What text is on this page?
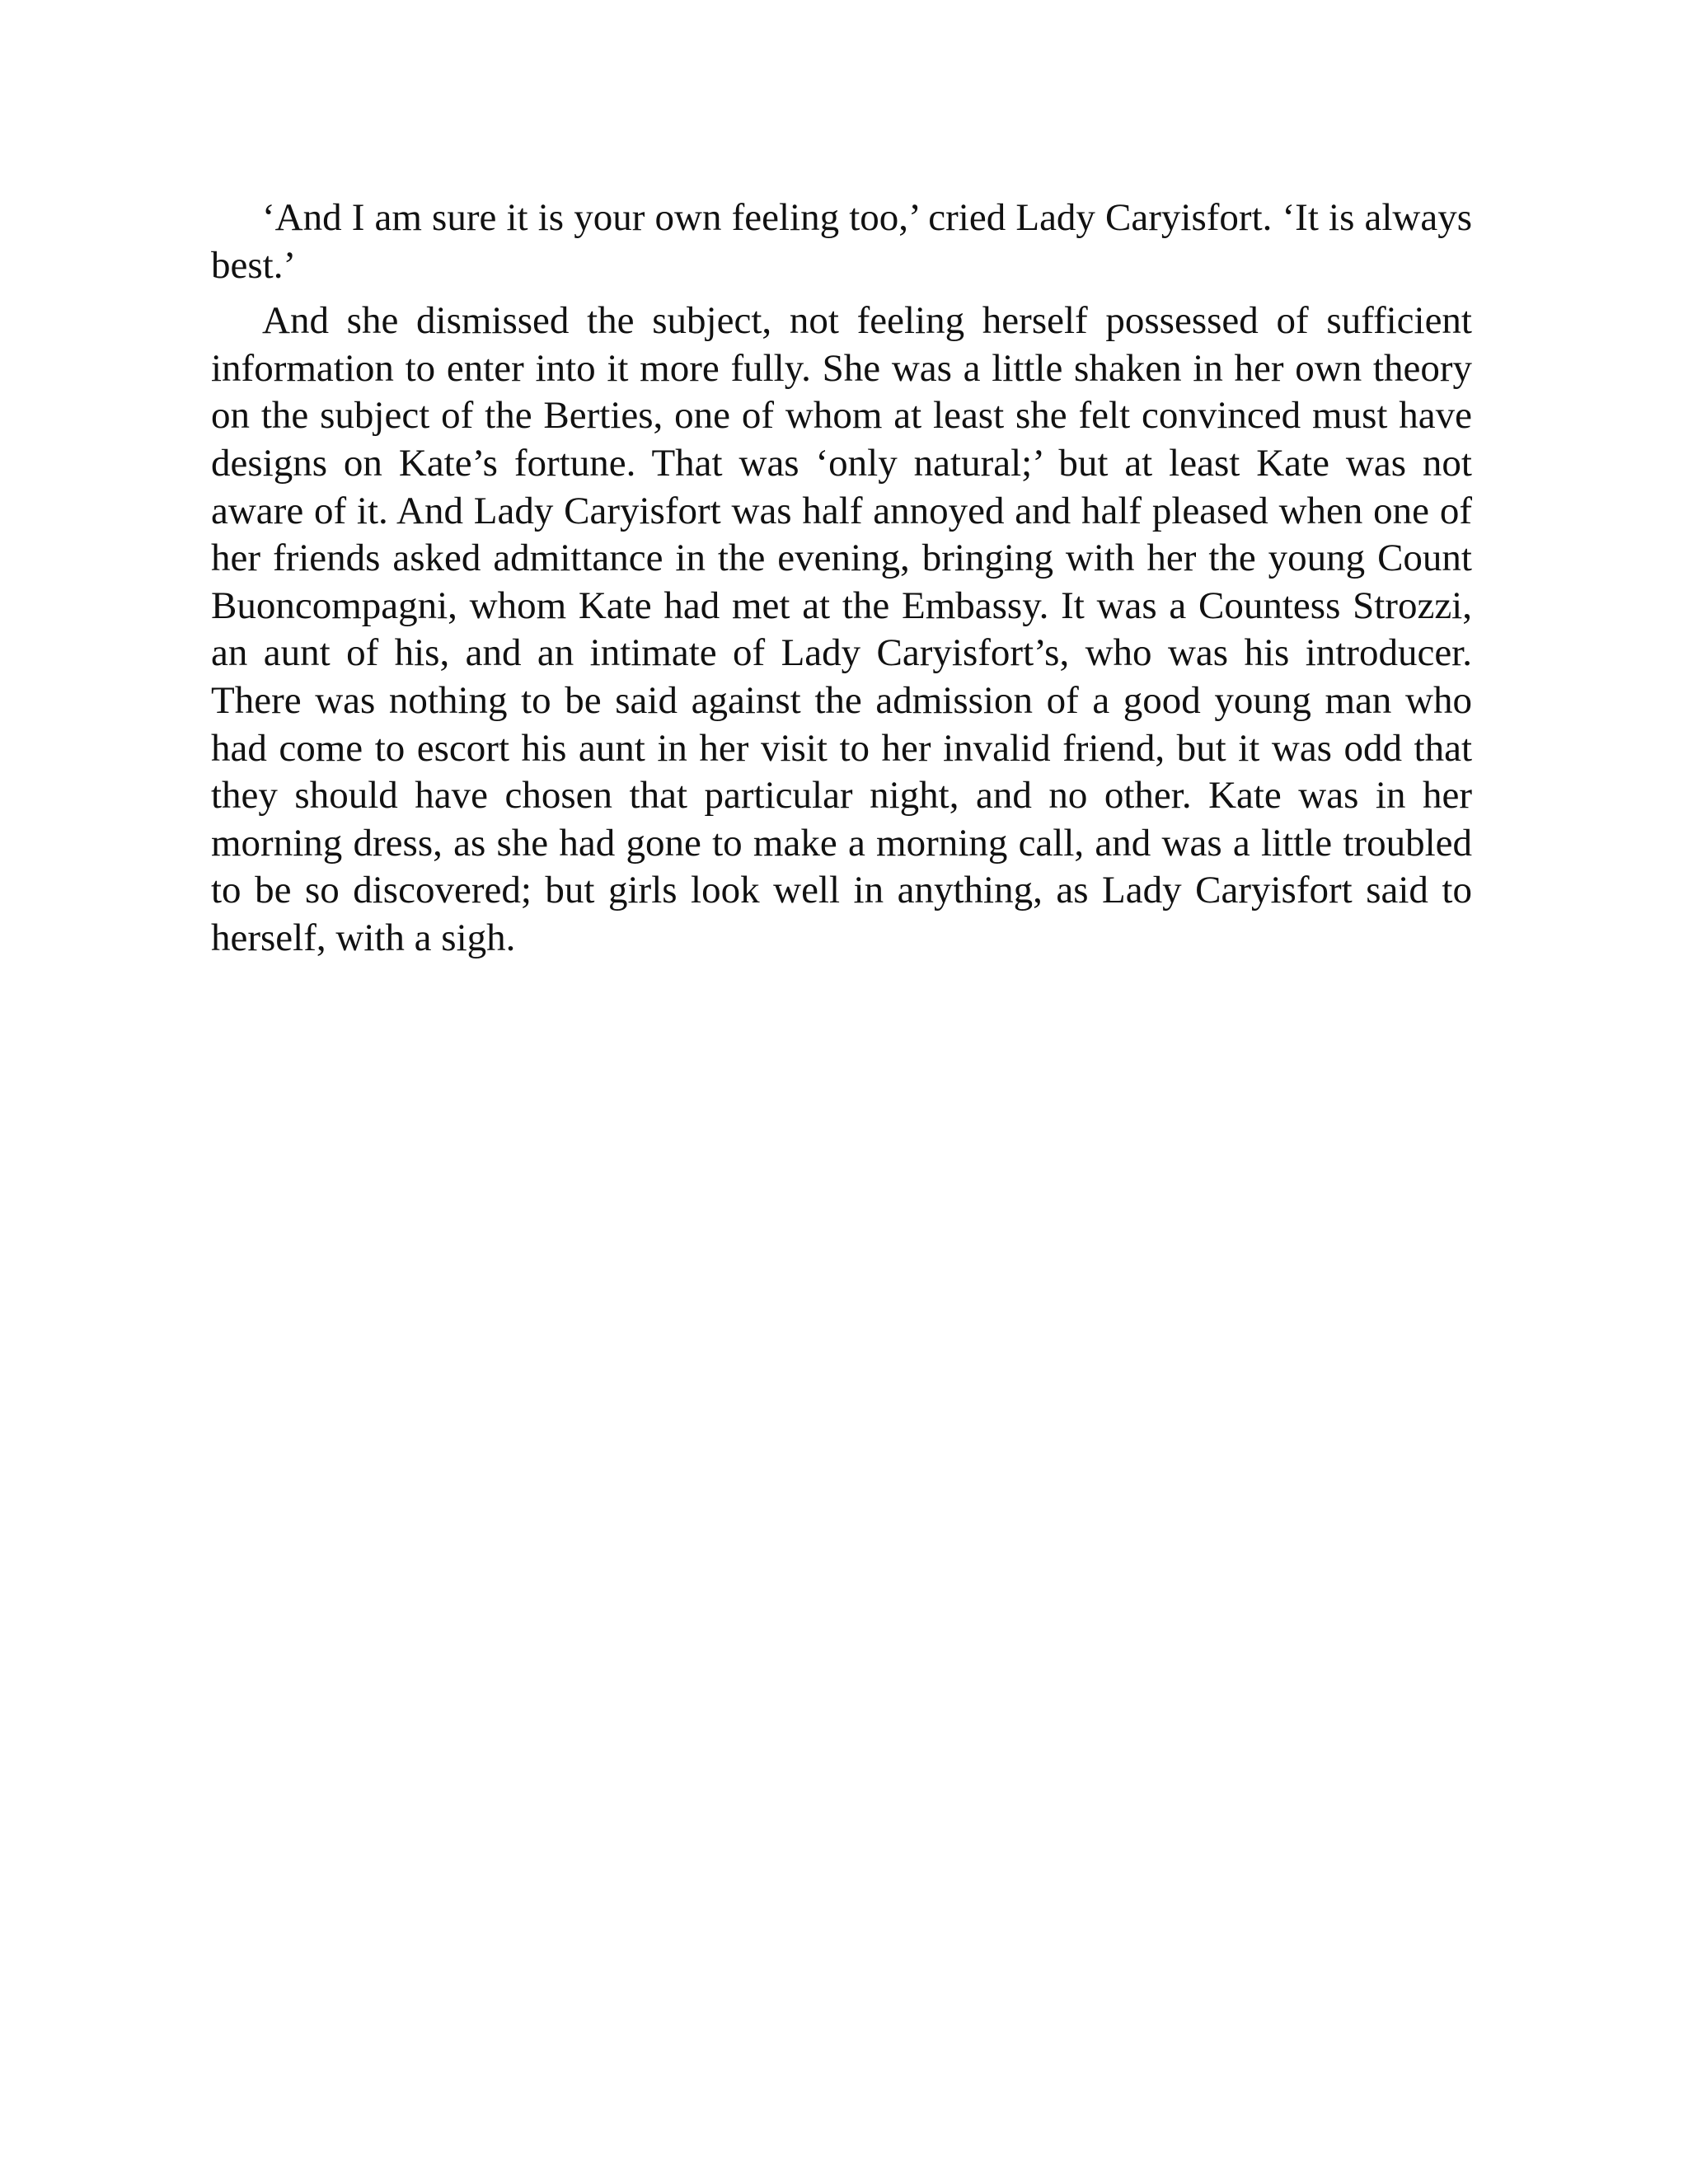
‘And I am sure it is your own feeling too,’ cried Lady Caryisfort. ‘It is always best.’

And she dismissed the subject, not feeling herself possessed of sufficient information to enter into it more fully. She was a little shaken in her own theory on the subject of the Berties, one of whom at least she felt convinced must have designs on Kate’s fortune. That was ‘only natural;’ but at least Kate was not aware of it. And Lady Caryisfort was half annoyed and half pleased when one of her friends asked admittance in the evening, bringing with her the young Count Buoncompagni, whom Kate had met at the Embassy. It was a Countess Strozzi, an aunt of his, and an intimate of Lady Caryisfort’s, who was his introducer. There was nothing to be said against the admission of a good young man who had come to escort his aunt in her visit to her invalid friend, but it was odd that they should have chosen that particular night, and no other. Kate was in her morning dress, as she had gone to make a morning call, and was a little troubled to be so discovered; but girls look well in anything, as Lady Caryisfort said to herself, with a sigh.
